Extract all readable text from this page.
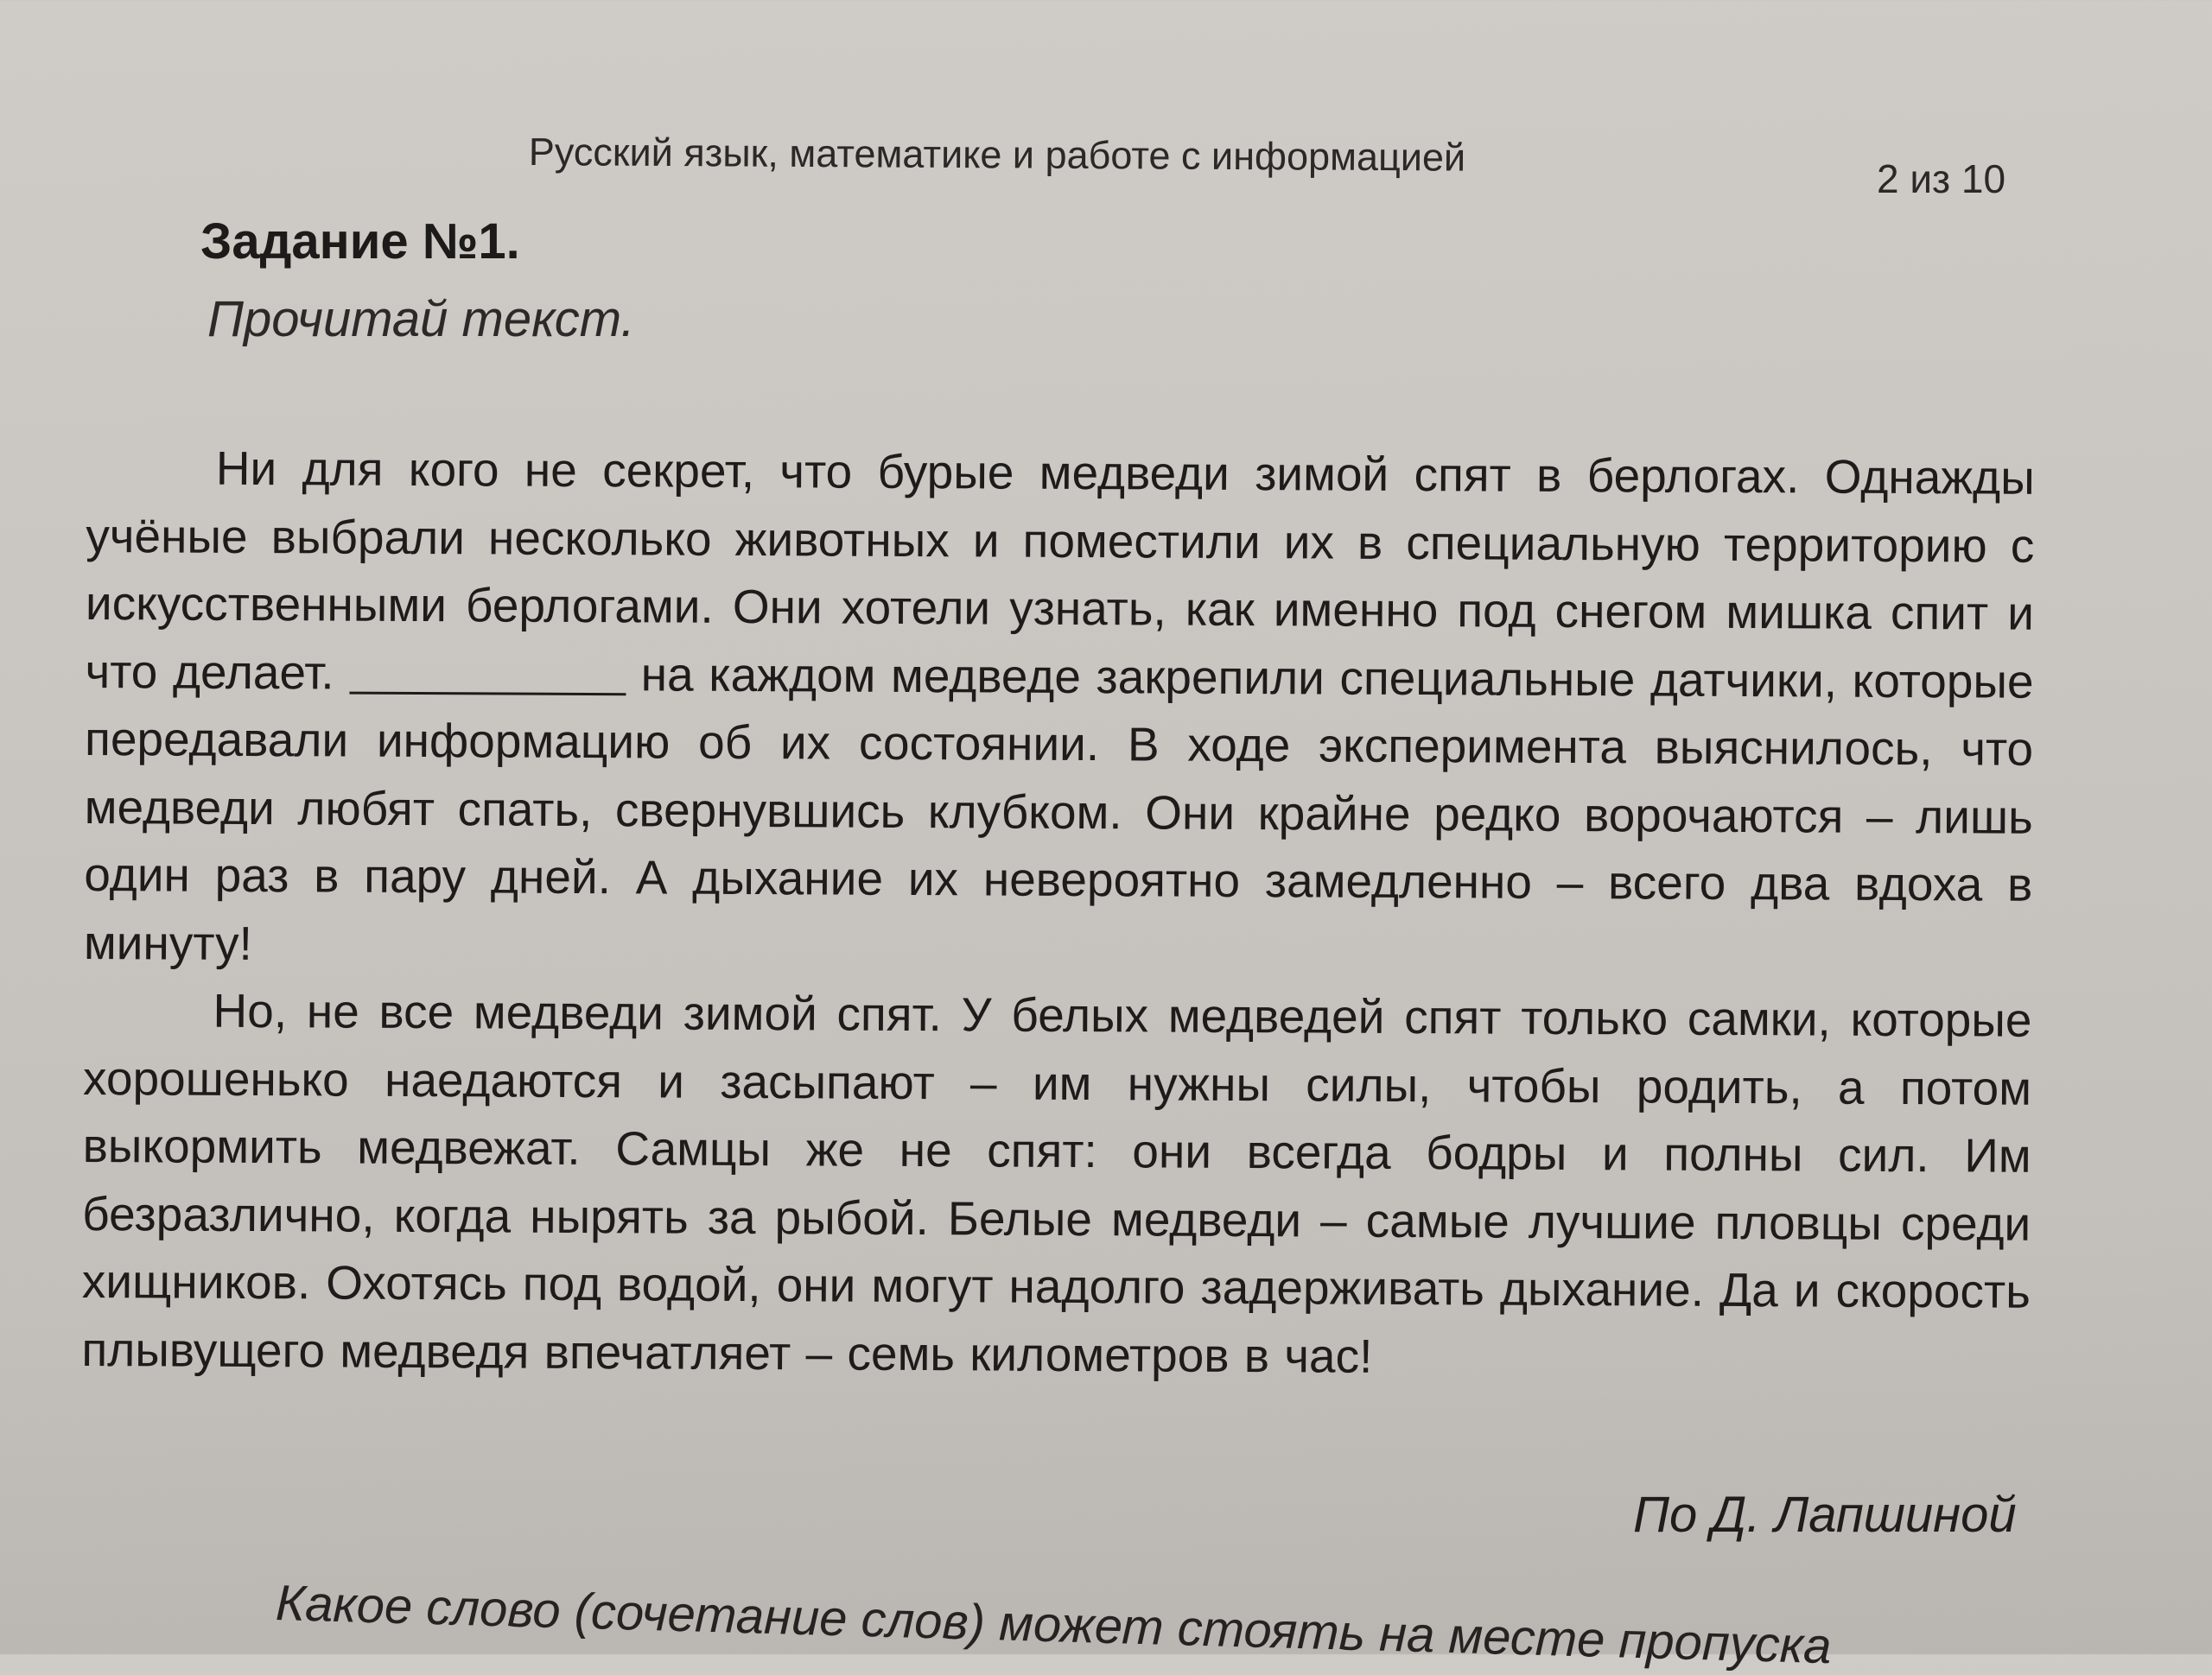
Русский язык, математике и работе с информацией	2 из 10
Задание №1.
Прочитай текст.

Ни для кого не секрет, что бурые медведи зимой спят в берлогах. Однажды учёные выбрали несколько животных и поместили их в специальную территорию с искусственными берлогами. Они хотели узнать, как именно под снегом мишка спит и что делает.	на каждом медведе закрепили специальные датчики, которые передавали информацию об их состоянии. В ходе эксперимента выяснилось, что медведи любят спать, свернувшись клубком. Они крайне редко ворочаются – лишь один раз в пару дней. А дыхание их невероятно замедленно – всего два вдоха в минуту!

Но, не все медведи зимой спят. У белых медведей спят только самки, которые хорошенько наедаются и засыпают – им нужны силы, чтобы родить, а потом выкормить медвежат. Самцы же не спят: они всегда бодры и полны сил. Им безразлично, когда нырять за рыбой. Белые медведи – самые лучшие пловцы среди хищников. Охотясь под водой, они могут надолго задерживать дыхание. Да и скорость плывущего медведя впечатляет – семь километров в час!

По Д. Лапшиной
Какое слово (сочетание слов) может стоять на месте пропуска
